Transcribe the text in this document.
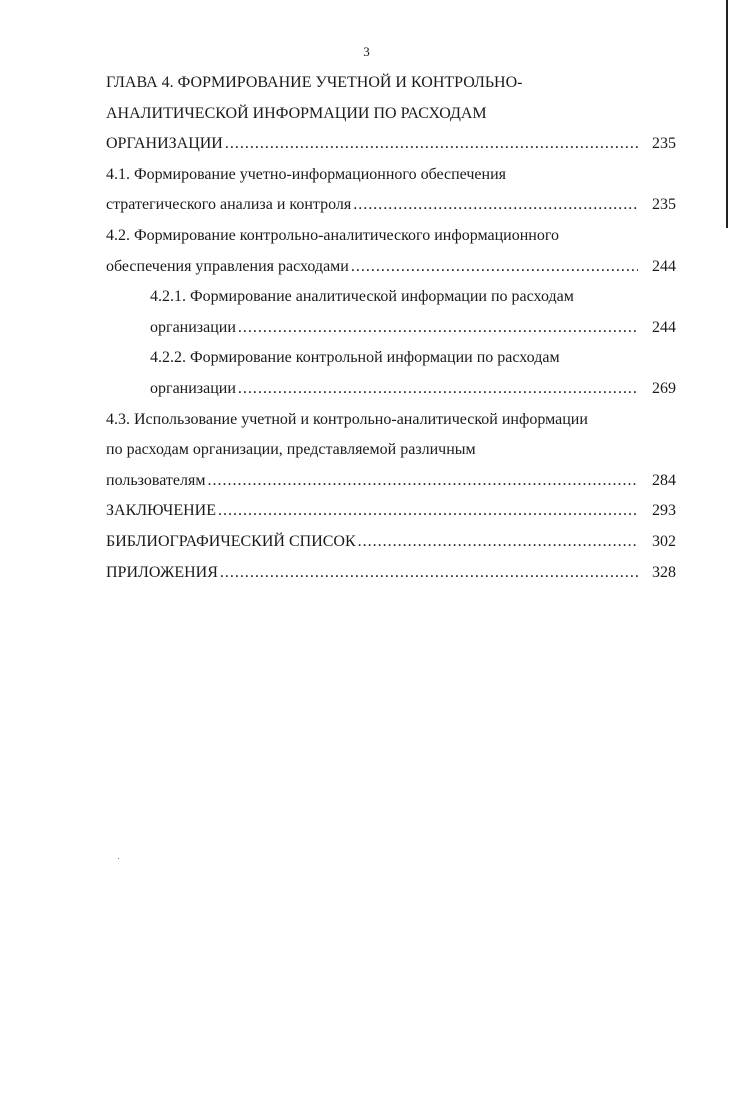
3
ГЛАВА 4. ФОРМИРОВАНИЕ УЧЕТНОЙ И КОНТРОЛЬНО-
АНАЛИТИЧЕСКОЙ ИНФОРМАЦИИ ПО РАСХОДАМ
ОРГАНИЗАЦИИ .....	235
4.1. Формирование учетно-информационного обеспечения
стратегического анализа и контроля .....	235
4.2. Формирование контрольно-аналитического информационного
обеспечения управления расходами .....	244
4.2.1. Формирование аналитической информации по расходам
организации .....	244
4.2.2. Формирование контрольной информации по расходам
организации .....	269
4.3. Использование учетной и контрольно-аналитической информации
по расходам организации, представляемой различным
пользователям .....	284
ЗАКЛЮЧЕНИЕ .....	293
БИБЛИОГРАФИЧЕСКИЙ СПИСОК .....	302
ПРИЛОЖЕНИЯ .....	328
